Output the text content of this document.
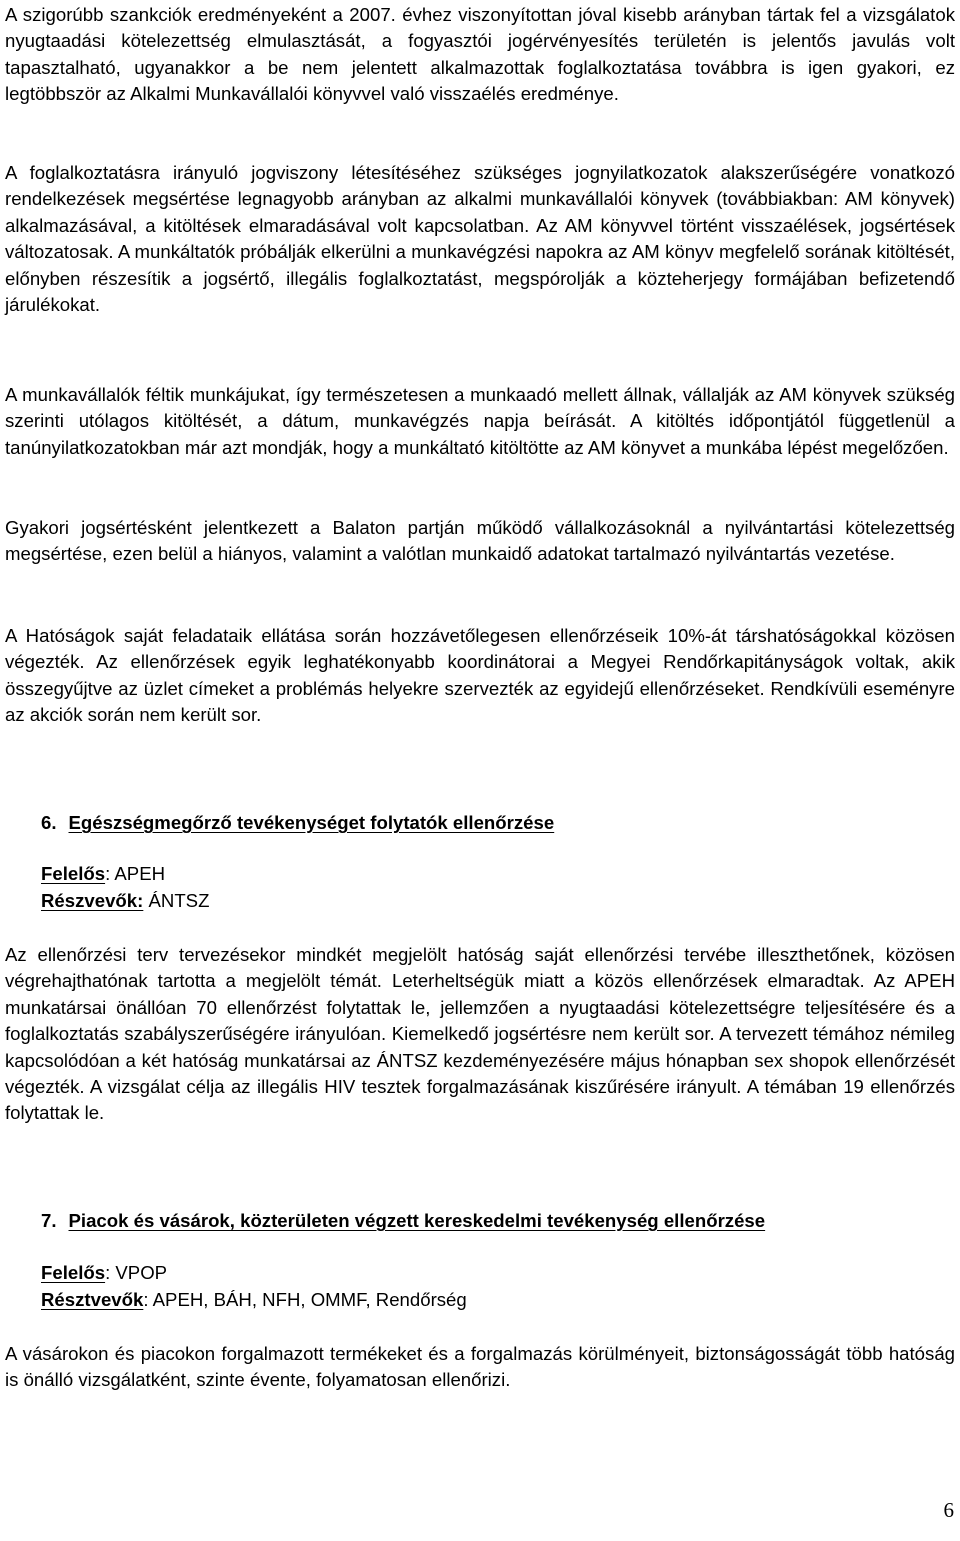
A szigorúbb szankciók eredményeként a 2007. évhez viszonyítottan jóval kisebb arányban tártak fel a vizsgálatok nyugtaadási kötelezettség elmulasztását, a fogyasztói jogérvényesítés területén is jelentős javulás volt tapasztalható, ugyanakkor a be nem jelentett alkalmazottak foglalkoztatása továbbra is igen gyakori, ez legtöbbször az Alkalmi Munkavállalói könyvvel való visszaélés eredménye.

A foglalkoztatásra irányuló jogviszony létesítéséhez szükséges jognyilatkozatok alakszerűségére vonatkozó rendelkezések megsértése legnagyobb arányban az alkalmi munkavállalói könyvek (továbbiakban: AM könyvek) alkalmazásával, a kitöltések elmaradásával volt kapcsolatban. Az AM könyvvel történt visszaélések, jogsértések változatosak. A munkáltatók próbálják elkerülni a munkavégzési napokra az AM könyv megfelelő sorának kitöltését, előnyben részesítik a jogsértő, illegális foglalkoztatást, megspórolják a közteherjegy formájában befizetendő járulékokat.

A munkavállalók féltik munkájukat, így természetesen a munkaadó mellett állnak, vállalják az AM könyvek szükség szerinti utólagos kitöltését, a dátum, munkavégzés napja beírását. A kitöltés időpontjától függetlenül a tanúnyilatkozatokban már azt mondják, hogy a munkáltató kitöltötte az AM könyvet a munkába lépést megelőzően.

Gyakori jogsértésként jelentkezett a Balaton partján működő vállalkozásoknál a nyilvántartási kötelezettség megsértése, ezen belül a hiányos, valamint a valótlan munkaidő adatokat tartalmazó nyilvántartás vezetése.

A Hatóságok saját feladataik ellátása során hozzávetőlegesen ellenőrzéseik 10%-át társhatóságokkal közösen végezték. Az ellenőrzések egyik leghatékonyabb koordinátorai a Megyei Rendőrkapitányságok voltak, akik összegyűjtve az üzlet címeket a problémás helyekre szervezték az egyidejű ellenőrzéseket. Rendkívüli eseményre az akciók során nem került sor.

6. Egészségmegőrző tevékenységet folytatók ellenőrzése

Felelős: APEH

Részvevők: ÁNTSZ

Az ellenőrzési terv tervezésekor mindkét megjelölt hatóság saját ellenőrzési tervébe illeszthetőnek, közösen végrehajthatónak tartotta a megjelölt témát. Leterheltségük miatt a közös ellenőrzések elmaradtak. Az APEH munkatársai önállóan 70 ellenőrzést folytattak le, jellemzően a nyugtaadási kötelezettségre teljesítésére és a foglalkoztatás szabályszerűségére irányulóan. Kiemelkedő jogsértésre nem került sor. A tervezett témához némileg kapcsolódóan a két hatóság munkatársai az ÁNTSZ kezdeményezésére május hónapban sex shopok ellenőrzését végezték. A vizsgálat célja az illegális HIV tesztek forgalmazásának kiszűrésére irányult. A témában 19 ellenőrzés folytattak le.

7. Piacok és vásárok, közterületen végzett kereskedelmi tevékenység ellenőrzése

Felelős: VPOP

Résztvevők: APEH, BÁH, NFH, OMMF, Rendőrség

A vásárokon és piacokon forgalmazott termékeket és a forgalmazás körülményeit, biztonságosságát több hatóság is önálló vizsgálatként, szinte évente, folyamatosan ellenőrizi.

6
